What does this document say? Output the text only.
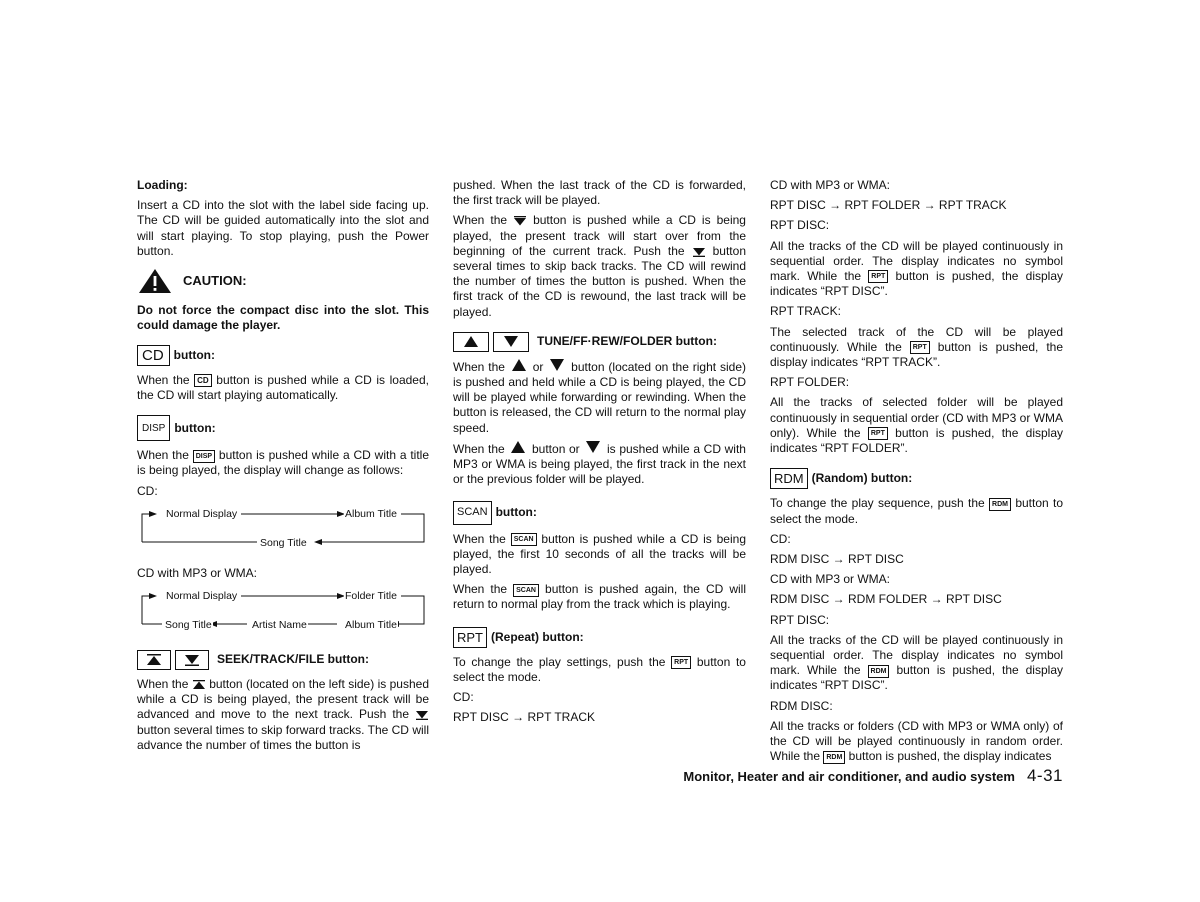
Loading:

Insert a CD into the slot with the label side facing up. The CD will be guided automatically into the slot and will start playing. To stop playing, push the Power button.

CAUTION:

Do not force the compact disc into the slot. This could damage the player.

CD button:

When the CD button is pushed while a CD is loaded, the CD will start playing automatically.

DISP button:

When the DISP button is pushed while a CD with a title is being played, the display will change as follows:

CD:

Normal Display	Album Title
Song Title

CD with MP3 or WMA:

Normal Display	Folder Title
Song Title	Artist Name	Album Title
SEEK/TRACK/FILE button:

When the button (located on the left side) is pushed while a CD is being played, the present track will be advanced and move to the next track. Push the  button several times to skip forward tracks. The CD will advance the number of times the button is

pushed. When the last track of the CD is forwarded, the first track will be played.

When the button is pushed while a CD is being played, the present track will start over from the beginning of the current track. Push the button several times to skip back tracks. The CD will rewind the number of times the button is pushed. When the first track of the CD is rewound, the last track will be played.

TUNE/FF·REW/FOLDER button:

When the or button (located on the right side) is pushed and held while a CD is being played, the CD will be played while forwarding or rewinding. When the button is released, the CD will return to the normal play speed.

When the button or is pushed while a CD with MP3 or WMA is being played, the first track in the next or the previous folder will be played.

SCAN button:

When the SCAN button is pushed while a CD is being played, the first 10 seconds of all the tracks will be played.

When the SCAN button is pushed again, the CD will return to normal play from the track which is playing.

RPT (Repeat) button:

To change the play settings, push the RPT button to select the mode.

CD:

RPT DISC → RPT TRACK

CD with MP3 or WMA:

RPT DISC → RPT FOLDER → RPT TRACK

RPT DISC:

All the tracks of the CD will be played continuously in sequential order. The display indicates no symbol mark. While the RPT button is pushed, the display indicates “RPT DISC”.

RPT TRACK:

The selected track of the CD will be played continuously. While the RPT button is pushed, the display indicates “RPT TRACK”.

RPT FOLDER:

All the tracks of selected folder will be played continuously in sequential order (CD with MP3 or WMA only). While the RPT button is pushed, the display indicates “RPT FOLDER”.

RDM (Random) button:

To change the play sequence, push the RDM button to select the mode.

CD:

RDM DISC → RPT DISC

CD with MP3 or WMA:

RDM DISC → RDM FOLDER → RPT DISC

RPT DISC:

All the tracks of the CD will be played continuously in sequential order. The display indicates no symbol mark. While the RDM button is pushed, the display indicates “RPT DISC”.

RDM DISC:

All the tracks or folders (CD with MP3 or WMA only) of the CD will be played continuously in random order. While the RDM button is pushed, the display indicates

Monitor, Heater and air conditioner, and audio system 4-31
